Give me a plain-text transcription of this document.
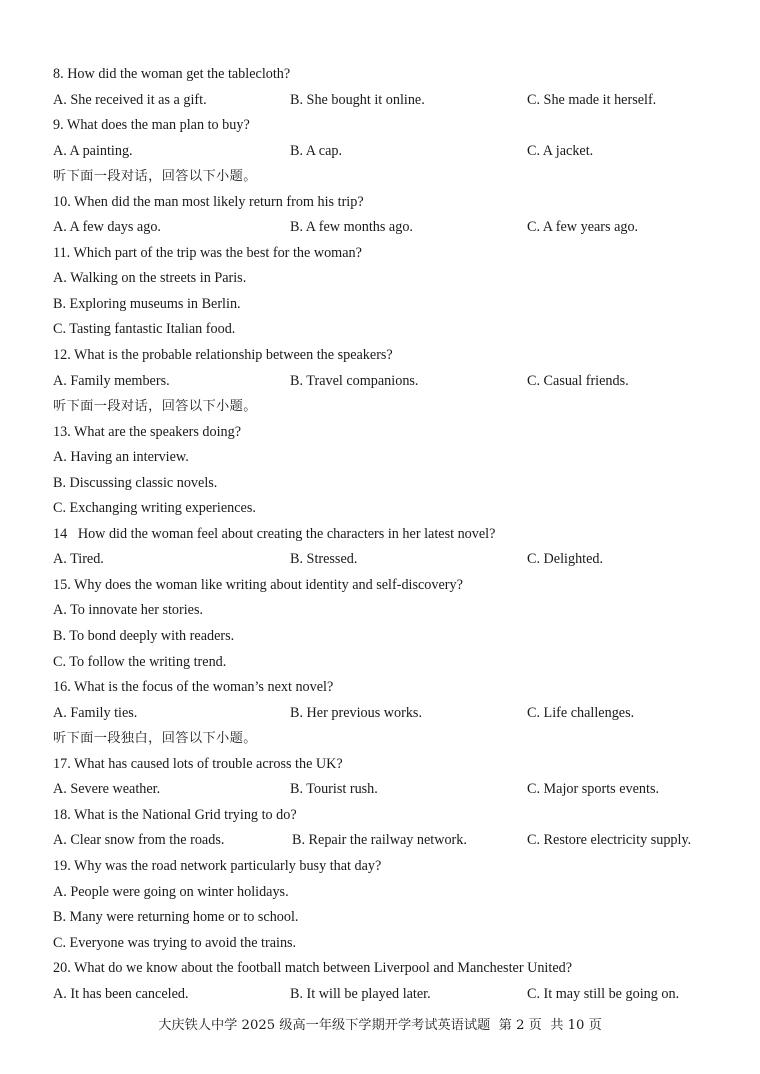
8. How did the woman get the tablecloth?
A. She received it as a gift.	B. She bought it online.	C. She made it herself.
9. What does the man plan to buy?
A. A painting.	B. A cap.	C. A jacket.
听下面一段对话，回答以下小题。
10. When did the man most likely return from his trip?
A. A few days ago.	B. A few months ago.	C. A few years ago.
11. Which part of the trip was the best for the woman?
A. Walking on the streets in Paris.
B. Exploring museums in Berlin.
C. Tasting fantastic Italian food.
12. What is the probable relationship between the speakers?
A. Family members.	B. Travel companions.	C. Casual friends.
听下面一段对话，回答以下小题。
13. What are the speakers doing?
A. Having an interview.
B. Discussing classic novels.
C. Exchanging writing experiences.
14   How did the woman feel about creating the characters in her latest novel?
A. Tired.	B. Stressed.	C. Delighted.
15. Why does the woman like writing about identity and self-discovery?
A. To innovate her stories.
B. To bond deeply with readers.
C. To follow the writing trend.
16. What is the focus of the woman’s next novel?
A. Family ties.	B. Her previous works.	C. Life challenges.
听下面一段独白，回答以下小题。
17. What has caused lots of trouble across the UK?
A. Severe weather.	B. Tourist rush.	C. Major sports events.
18. What is the National Grid trying to do?
A. Clear snow from the roads.	B. Repair the railway network.	C. Restore electricity supply.
19. Why was the road network particularly busy that day?
A. People were going on winter holidays.
B. Many were returning home or to school.
C. Everyone was trying to avoid the trains.
20. What do we know about the football match between Liverpool and Manchester United?
A. It has been canceled.	B. It will be played later.	C. It may still be going on.
大庆铁人中学 2025 级高一年级下学期开学考试英语试题  第 2 页  共 10 页
